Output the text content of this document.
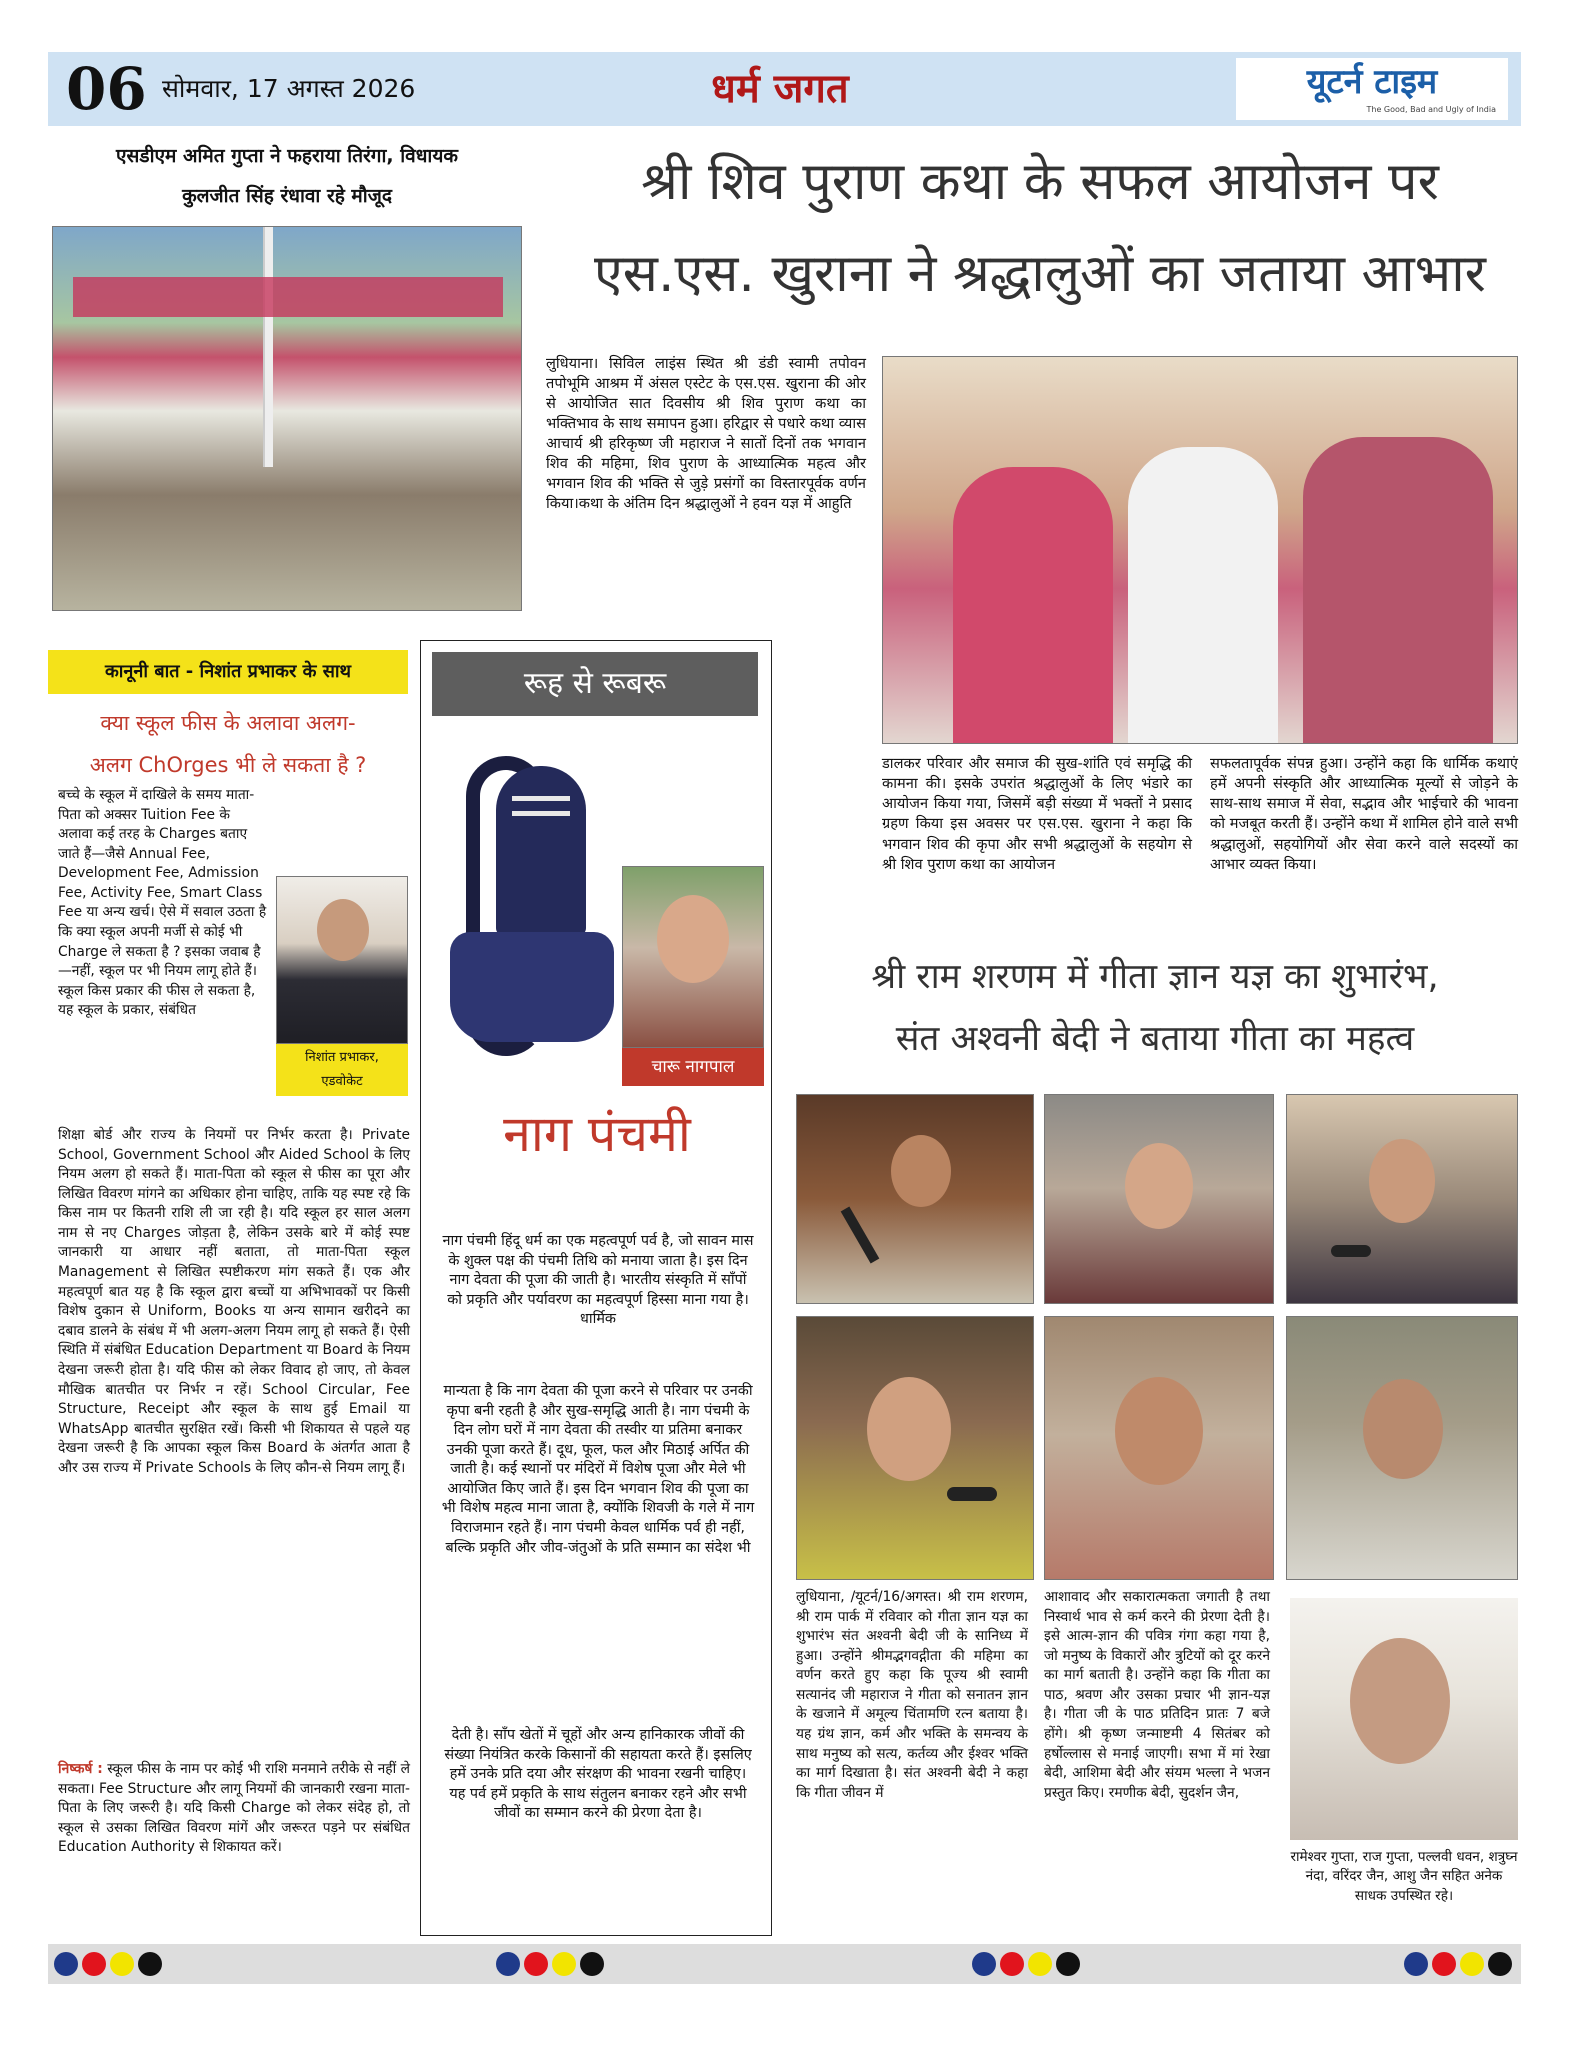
06 सोमवार, 17 अगस्त 2026	धर्म जगत	यूटर्न टाइम
The Good, Bad and Ugly of India
एसडीएम अमित गुप्ता ने फहराया तिरंगा, विधायक
कुलजीत सिंह रंधावा रहे मौजूद	श्री शिव पुराण कथा के सफल आयोजन पर
एस.एस. खुराना ने श्रद्धालुओं का जताया आभार
लुधियाना। सिविल लाइंस स्थित श्री डंडी स्वामी तपोवन तपोभूमि आश्रम में अंसल एस्टेट के एस.एस. खुराना की ओर से आयोजित सात दिवसीय श्री शिव पुराण कथा का भक्तिभाव के साथ समापन हुआ। हरिद्वार से पधारे कथा व्यास आचार्य श्री हरिकृष्ण जी महाराज ने सातों दिनों तक भगवान शिव की महिमा, शिव पुराण के आध्यात्मिक महत्व और भगवान शिव की भक्ति से जुड़े प्रसंगों का विस्तारपूर्वक वर्णन किया।कथा के अंतिम दिन श्रद्धालुओं ने हवन यज्ञ में आहुति
डालकर परिवार और समाज की सुख-शांति एवं समृद्धि की कामना की। इसके उपरांत श्रद्धालुओं के लिए भंडारे का आयोजन किया गया, जिसमें बड़ी संख्या में भक्तों ने प्रसाद ग्रहण किया इस अवसर पर एस.एस. खुराना ने कहा कि भगवान शिव की कृपा और सभी श्रद्धालुओं के सहयोग से श्री शिव पुराण कथा का आयोजन
सफलतापूर्वक संपन्न हुआ। उन्होंने कहा कि धार्मिक कथाएं हमें अपनी संस्कृति और आध्यात्मिक मूल्यों से जोड़ने के साथ-साथ समाज में सेवा, सद्भाव और भाईचारे की भावना को मजबूत करती हैं। उन्होंने कथा में शामिल होने वाले सभी श्रद्धालुओं, सहयोगियों और सेवा करने वाले सदस्यों का आभार व्यक्त किया।
कानूनी बात - निशांत प्रभाकर के साथ
क्या स्कूल फीस के अलावा अलग-
अलग ChOrges भी ले सकता है ?
बच्चे के स्कूल में दाखिले के समय माता-पिता को अक्सर Tuition Fee के अलावा कई तरह के Charges बताए जाते हैं—जैसे Annual Fee, Development Fee, Admission Fee, Activity Fee, Smart Class Fee या अन्य खर्च। ऐसे में सवाल उठता है कि क्या स्कूल अपनी मर्जी से कोई भी Charge ले सकता है ? इसका जवाब है—नहीं, स्कूल पर भी नियम लागू होते हैं। स्कूल किस प्रकार की फीस ले सकता है, यह स्कूल के प्रकार, संबंधित
निशांत प्रभाकर,
एडवोकेट
शिक्षा बोर्ड और राज्य के नियमों पर निर्भर करता है। Private School, Government School और Aided School के लिए नियम अलग हो सकते हैं। माता-पिता को स्कूल से फीस का पूरा और लिखित विवरण मांगने का अधिकार होना चाहिए, ताकि यह स्पष्ट रहे कि किस नाम पर कितनी राशि ली जा रही है। यदि स्कूल हर साल अलग नाम से नए Charges जोड़ता है, लेकिन उसके बारे में कोई स्पष्ट जानकारी या आधार नहीं बताता, तो माता-पिता स्कूल Management से लिखित स्पष्टीकरण मांग सकते हैं। एक और महत्वपूर्ण बात यह है कि स्कूल द्वारा बच्चों या अभिभावकों पर किसी विशेष दुकान से Uniform, Books या अन्य सामान खरीदने का दबाव डालने के संबंध में भी अलग-अलग नियम लागू हो सकते हैं। ऐसी स्थिति में संबंधित Education Department या Board के नियम देखना जरूरी होता है। यदि फीस को लेकर विवाद हो जाए, तो केवल मौखिक बातचीत पर निर्भर न रहें। School Circular, Fee Structure, Receipt और स्कूल के साथ हुई Email या WhatsApp बातचीत सुरक्षित रखें। किसी भी शिकायत से पहले यह देखना जरूरी है कि आपका स्कूल किस Board के अंतर्गत आता है और उस राज्य में Private Schools के लिए कौन-से नियम लागू हैं।
निष्कर्ष : स्कूल फीस के नाम पर कोई भी राशि मनमाने तरीके से नहीं ले सकता। Fee Structure और लागू नियमों की जानकारी रखना माता-पिता के लिए जरूरी है। यदि किसी Charge को लेकर संदेह हो, तो स्कूल से उसका लिखित विवरण मांगें और जरूरत पड़ने पर संबंधित Education Authority से शिकायत करें।
रूह से रूबरू
चारू नागपाल
नाग पंचमी
नाग पंचमी हिंदू धर्म का एक महत्वपूर्ण पर्व है, जो सावन मास के शुक्ल पक्ष की पंचमी तिथि को मनाया जाता है। इस दिन नाग देवता की पूजा की जाती है। भारतीय संस्कृति में साँपों को प्रकृति और पर्यावरण का महत्वपूर्ण हिस्सा माना गया है। धार्मिक
मान्यता है कि नाग देवता की पूजा करने से परिवार पर उनकी कृपा बनी रहती है और सुख-समृद्धि आती है। नाग पंचमी के दिन लोग घरों में नाग देवता की तस्वीर या प्रतिमा बनाकर उनकी पूजा करते हैं। दूध, फूल, फल और मिठाई अर्पित की जाती है। कई स्थानों पर मंदिरों में विशेष पूजा और मेले भी आयोजित किए जाते हैं। इस दिन भगवान शिव की पूजा का भी विशेष महत्व माना जाता है, क्योंकि शिवजी के गले में नाग विराजमान रहते हैं। नाग पंचमी केवल धार्मिक पर्व ही नहीं, बल्कि प्रकृति और जीव-जंतुओं के प्रति सम्मान का संदेश भी
देती है। साँप खेतों में चूहों और अन्य हानिकारक जीवों की संख्या नियंत्रित करके किसानों की सहायता करते हैं। इसलिए हमें उनके प्रति दया और संरक्षण की भावना रखनी चाहिए। यह पर्व हमें प्रकृति के साथ संतुलन बनाकर रहने और सभी जीवों का सम्मान करने की प्रेरणा देता है।
श्री राम शरणम में गीता ज्ञान यज्ञ का शुभारंभ,
संत अश्वनी बेदी ने बताया गीता का महत्व
लुधियाना, /यूटर्न/16/अगस्त। श्री राम शरणम, श्री राम पार्क में रविवार को गीता ज्ञान यज्ञ का शुभारंभ संत अश्वनी बेदी जी के सानिध्य में हुआ। उन्होंने श्रीमद्भगवद्गीता की महिमा का वर्णन करते हुए कहा कि पूज्य श्री स्वामी सत्यानंद जी महाराज ने गीता को सनातन ज्ञान के खजाने में अमूल्य चिंतामणि रत्न बताया है। यह ग्रंथ ज्ञान, कर्म और भक्ति के समन्वय के साथ मनुष्य को सत्य, कर्तव्य और ईश्वर भक्ति का मार्ग दिखाता है। संत अश्वनी बेदी ने कहा कि गीता जीवन में
आशावाद और सकारात्मकता जगाती है तथा निस्वार्थ भाव से कर्म करने की प्रेरणा देती है। इसे आत्म-ज्ञान की पवित्र गंगा कहा गया है, जो मनुष्य के विकारों और त्रुटियों को दूर करने का मार्ग बताती है। उन्होंने कहा कि गीता का पाठ, श्रवण और उसका प्रचार भी ज्ञान-यज्ञ है। गीता जी के पाठ प्रतिदिन प्रातः 7 बजे होंगे। श्री कृष्ण जन्माष्टमी 4 सितंबर को हर्षोल्लास से मनाई जाएगी। सभा में मां रेखा बेदी, आशिमा बेदी और संयम भल्ला ने भजन प्रस्तुत किए। रमणीक बेदी, सुदर्शन जैन,
रामेश्वर गुप्ता, राज गुप्ता, पल्लवी धवन, शत्रुघ्न नंदा, वरिंदर जैन, आशु जैन सहित अनेक साधक उपस्थित रहे।
